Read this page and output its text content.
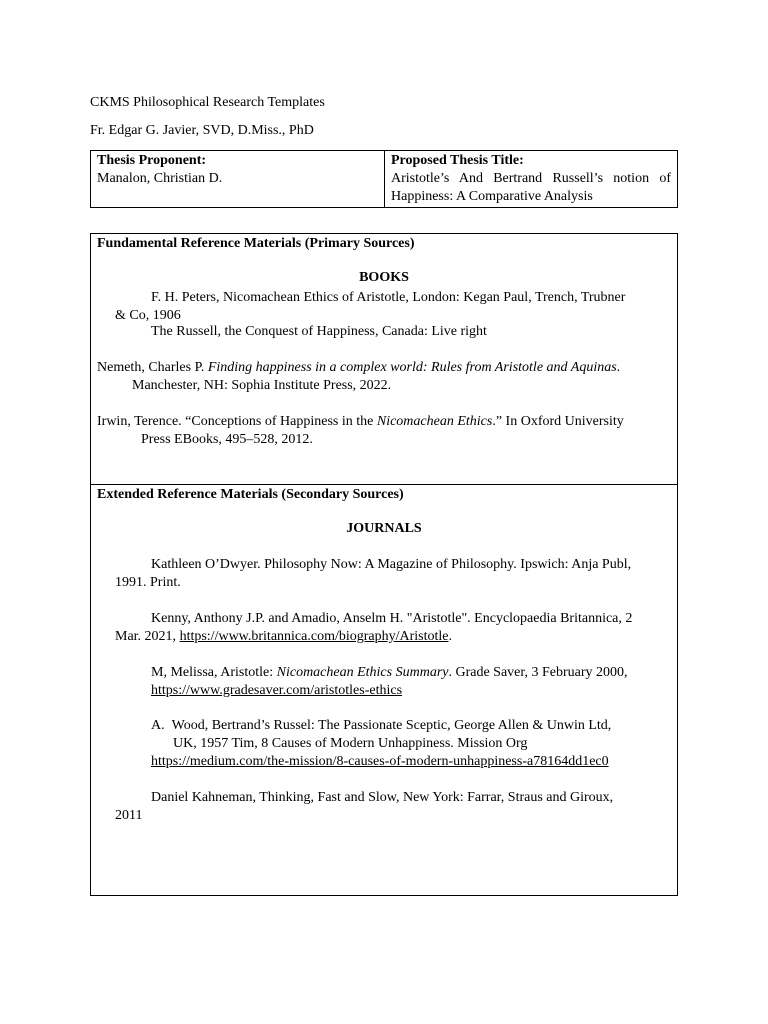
CKMS Philosophical Research Templates

Fr. Edgar G. Javier, SVD, D.Miss., PhD

Thesis Proponent:
Manalon, Christian D.

Proposed Thesis Title:
Aristotle’s And Bertrand Russell’s notion of Happiness: A Comparative Analysis

Fundamental Reference Materials (Primary Sources)

BOOKS

F. H. Peters, Nicomachean Ethics of Aristotle, London: Kegan Paul, Trench, Trubner
& Co, 1906
The Russell, the Conquest of Happiness, Canada: Live right
Nemeth, Charles P. Finding happiness in a complex world: Rules from Aristotle and Aquinas.
Manchester, NH: Sophia Institute Press, 2022.
Irwin, Terence. “Conceptions of Happiness in the Nicomachean Ethics.” In Oxford University
Press EBooks, 495–528, 2012.

Extended Reference Materials (Secondary Sources)

JOURNALS

Kathleen O’Dwyer. Philosophy Now: A Magazine of Philosophy. Ipswich: Anja Publ,
1991. Print.
Kenny, Anthony J.P. and Amadio, Anselm H. "Aristotle". Encyclopaedia Britannica, 2
Mar. 2021, https://www.britannica.com/biography/Aristotle.
M, Melissa, Aristotle: Nicomachean Ethics Summary. Grade Saver, 3 February 2000,
https://www.gradesaver.com/aristotles-ethics
A. Wood, Bertrand’s Russel: The Passionate Sceptic, George Allen & Unwin Ltd,
UK, 1957 Tim, 8 Causes of Modern Unhappiness. Mission Org
https://medium.com/the-mission/8-causes-of-modern-unhappiness-a78164dd1ec0
Daniel Kahneman, Thinking, Fast and Slow, New York: Farrar, Straus and Giroux,
2011
